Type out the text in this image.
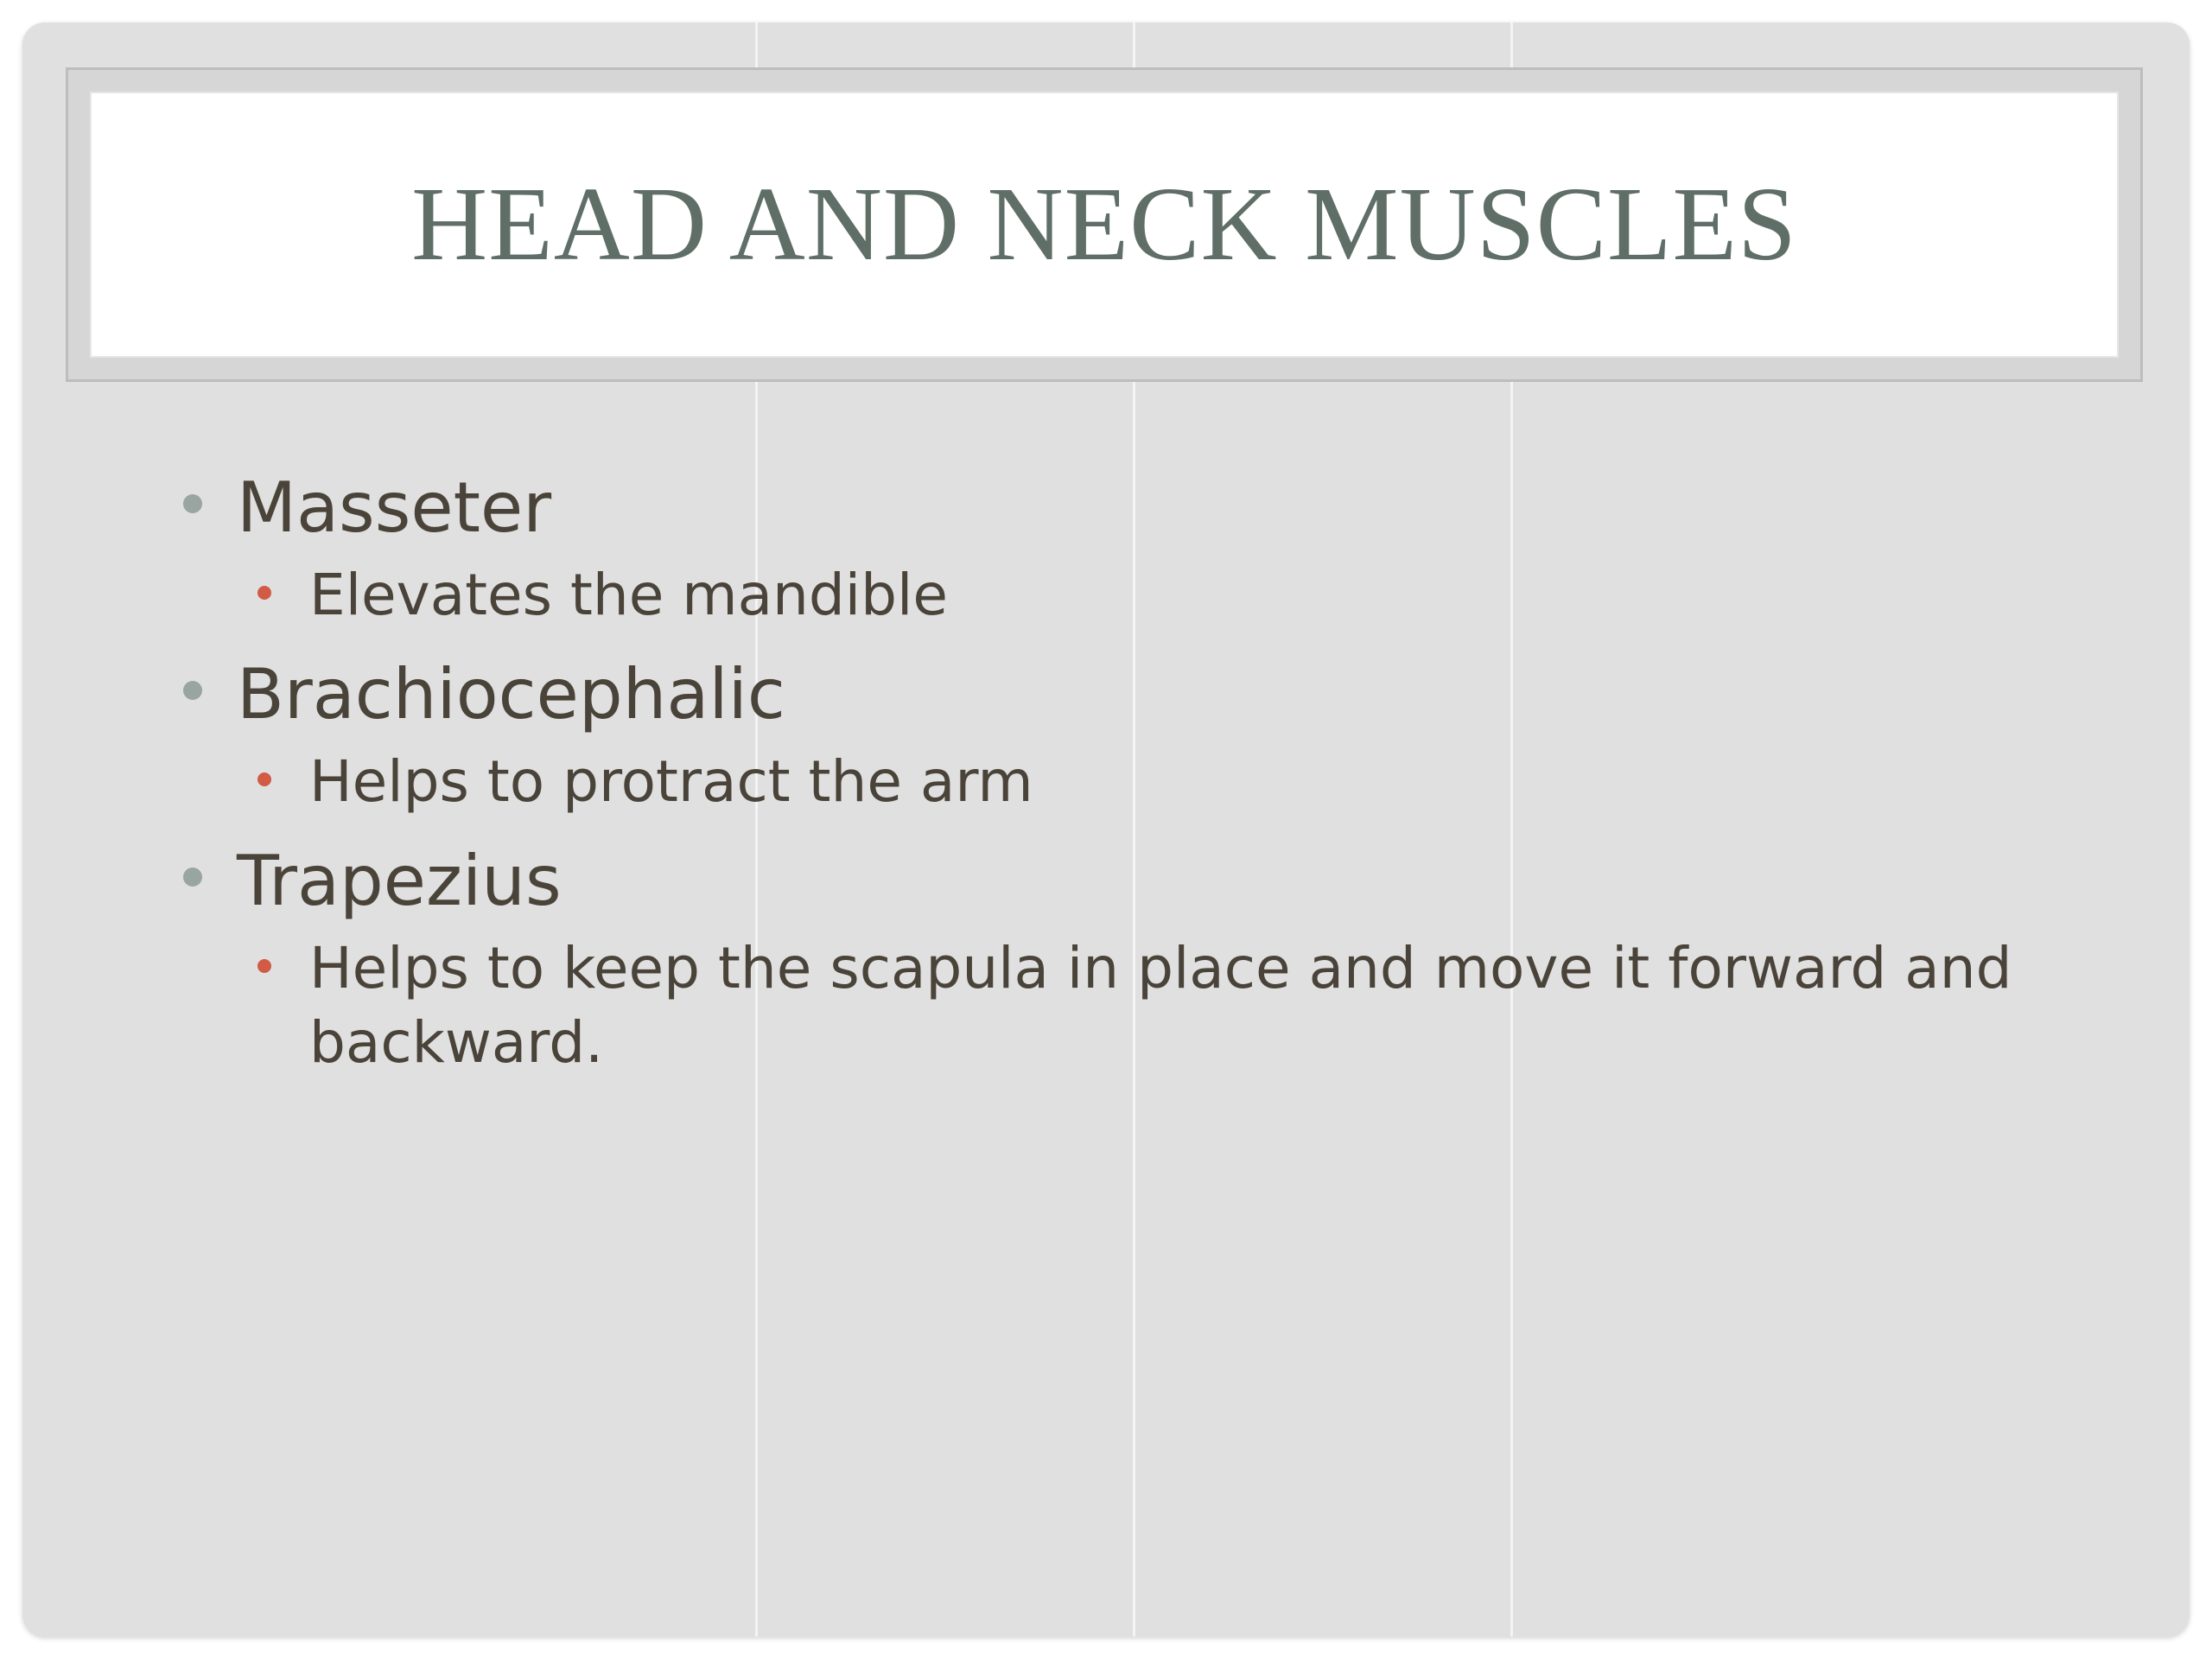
HEAD AND NECK MUSCLES
Masseter
Elevates the mandible
Brachiocephalic
Helps to protract the arm
Trapezius
Helps to keep the scapula in place and move it forward and backward.
